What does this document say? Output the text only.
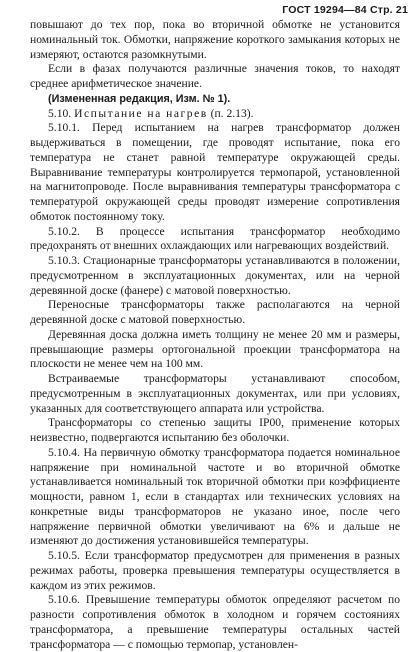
ГОСТ 19294—84 Стр. 21

повышают до тех пор, пока во вторичной обмотке не установится номинальный ток. Обмотки, напряжение короткого замыкания которых не измеряют, остаются разомкнутыми.

Если в фазах получаются различные значения токов, то находят среднее арифметическое значение.

(Измененная редакция, Изм. № 1).

5.10. Испытание на нагрев (п. 2.13).

5.10.1. Перед испытанием на нагрев трансформатор должен выдерживаться в помещении, где проводят испытание, пока его температура не станет равной температуре окружающей среды. Выравнивание температуры контролируется термопарой, установленной на магнитопроводе. После выравнивания температуры трансформатора с температурой окружающей среды проводят измерение сопротивления обмоток постоянному току.

5.10.2. В процессе испытания трансформатор необходимо предохранять от внешних охлаждающих или нагревающих воздействий.

5.10.3. Стационарные трансформаторы устанавливаются в положении, предусмотренном в эксплуатационных документах, или на черной деревянной доске (фанере) с матовой поверхностью.

Переносные трансформаторы также располагаются на черной деревянной доске с матовой поверхностью.

Деревянная доска должна иметь толщину не менее 20 мм и размеры, превышающие размеры ортогональной проекции трансформатора на плоскости не менее чем на 100 мм.

Встраиваемые трансформаторы устанавливают способом, предусмотренным в эксплуатационных документах, или при условиях, указанных для соответствующего аппарата или устройства.

Трансформаторы со степенью защиты IP00, применение которых неизвестно, подвергаются испытанию без оболочки.

5.10.4. На первичную обмотку трансформатора подается номинальное напряжение при номинальной частоте и во вторичной обмотке устанавливается номинальный ток вторичной обмотки при коэффициенте мощности, равном 1, если в стандартах или технических условиях на конкретные виды трансформаторов не указано иное, после чего напряжение первичной обмотки увеличивают на 6% и дальше не изменяют до достижения установившейся температуры.

5.10.5. Если трансформатор предусмотрен для применения в разных режимах работы, проверка превышения температуры осуществляется в каждом из этих режимов.

5.10.6. Превышение температуры обмоток определяют расчетом по разности сопротивления обмоток в холодном и горячем состояниях трансформатора, а превышение температуры остальных частей трансформатора — с помощью термопар, установлен-
